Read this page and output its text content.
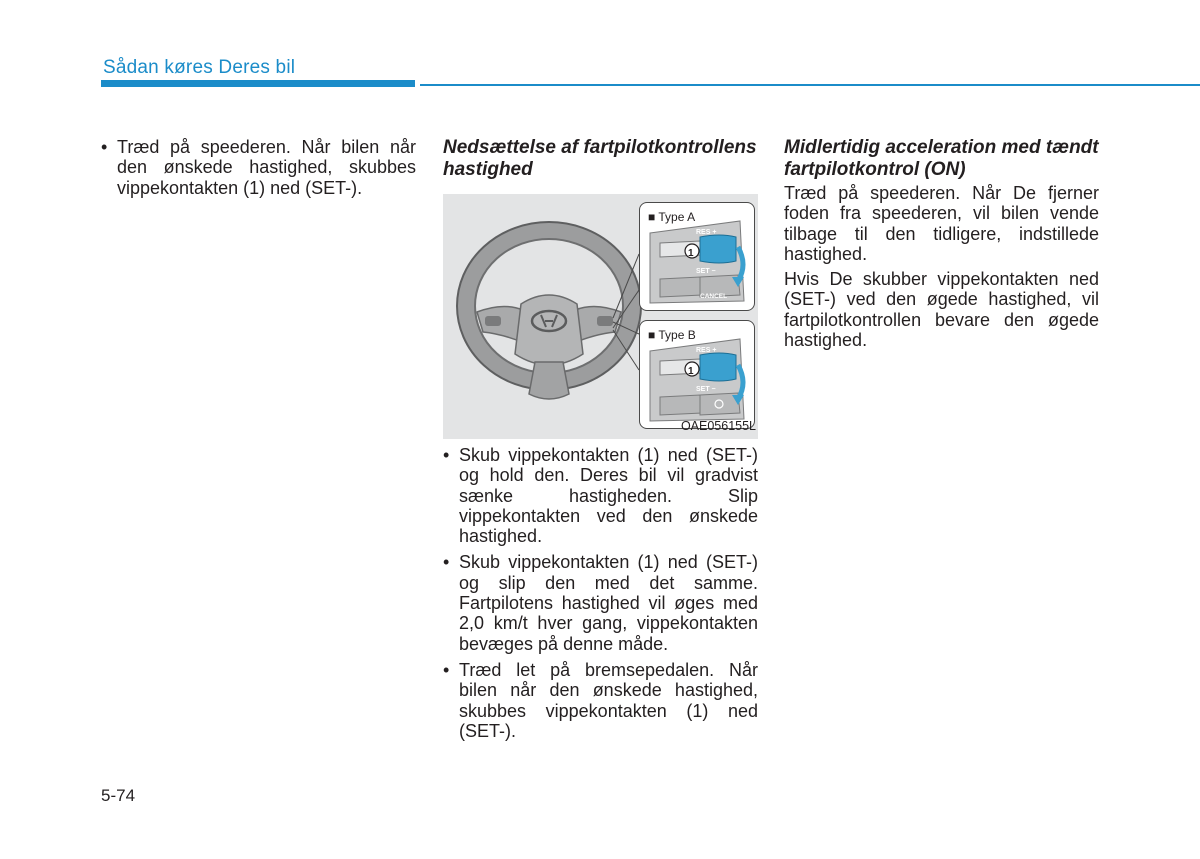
Sådan køres Deres bil
• Træd på speederen. Når bilen når den ønskede hastighed, skubbes vippekontakten (1) ned (SET-).
Nedsættelse af fartpilotkontrollens hastighed
■ Type A
RES +
1
SET −
CANCEL
■ Type B
RES +
1
SET −
OAE056155L
• Skub vippekontakten (1) ned (SET-) og hold den. Deres bil vil gradvist sænke hastigheden. Slip vippekontakten ved den ønskede hastighed.
• Skub vippekontakten (1) ned (SET-) og slip den med det samme. Fartpilotens hastighed vil øges med 2,0 km/t hver gang, vippekontakten bevæges på denne måde.
• Træd let på bremsepedalen. Når bilen når den ønskede hastighed, skubbes vippekontakten (1) ned (SET-).
Midlertidig acceleration med tændt fartpilotkontrol (ON)
Træd på speederen. Når De fjerner foden fra speederen, vil bilen vende tilbage til den tidligere, indstillede hastighed.
Hvis De skubber vippekontakten ned (SET-) ved den øgede hastighed, vil fartpilotkontrollen bevare den øgede hastighed.
5-74
